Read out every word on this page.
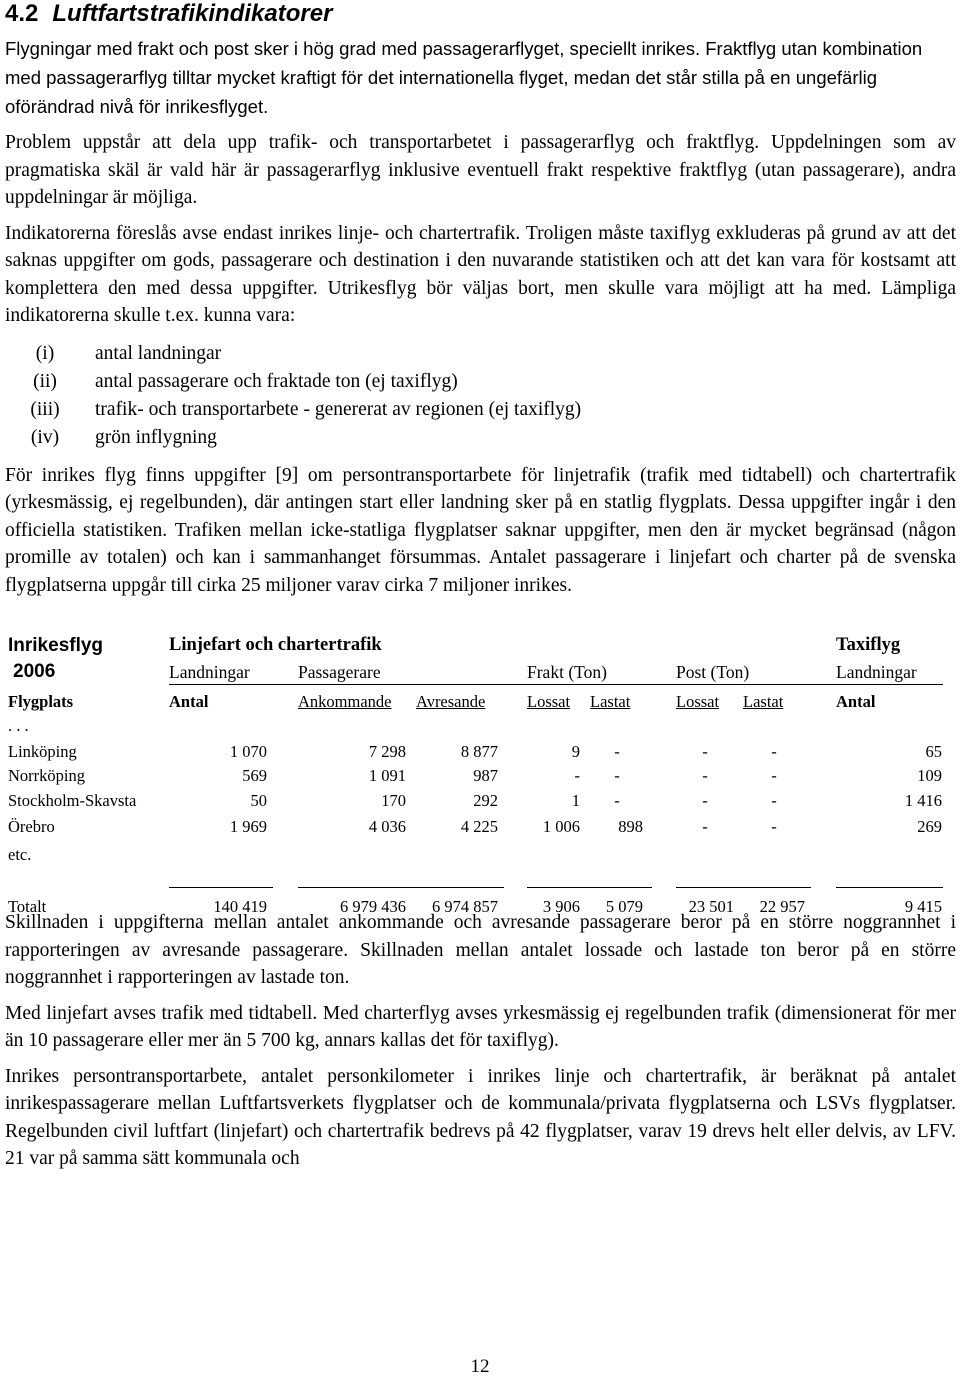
4.2 Luftfartstrafikindikatorer

Flygningar med frakt och post sker i hög grad med passagerarflyget, speciellt inrikes. Fraktflyg utan kombination med passagerarflyg tilltar mycket kraftigt för det internationella flyget, medan det står stilla på en ungefärlig oförändrad nivå för inrikesflyget.

Problem uppstår att dela upp trafik- och transportarbetet i passagerarflyg och fraktflyg. Uppdelningen som av pragmatiska skäl är vald här är passagerarflyg inklusive eventuell frakt respektive fraktflyg (utan passagerare), andra uppdelningar är möjliga.

Indikatorerna föreslås avse endast inrikes linje- och chartertrafik. Troligen måste taxiflyg exkluderas på grund av att det saknas uppgifter om gods, passagerare och destination i den nuvarande statistiken och att det kan vara för kostsamt att komplettera den med dessa uppgifter. Utrikesflyg bör väljas bort, men skulle vara möjligt att ha med. Lämpliga indikatorerna skulle t.ex. kunna vara:

(i)	antal landningar
(ii)	antal passagerare och fraktade ton (ej taxiflyg)
(iii)	trafik- och transportarbete - genererat av regionen (ej taxiflyg)
(iv)	grön inflygning

För inrikes flyg finns uppgifter [9] om persontransportarbete för linjetrafik (trafik med tidtabell) och chartertrafik (yrkesmässig, ej regelbunden), där antingen start eller landning sker på en statlig flygplats. Dessa uppgifter ingår i den officiella statistiken. Trafiken mellan icke-statliga flygplatser saknar uppgifter, men den är mycket begränsad (någon promille av totalen) och kan i sammanhanget försummas. Antalet passagerare i linjefart och charter på de svenska flygplatserna uppgår till cirka 25 miljoner varav cirka 7 miljoner inrikes.

Inrikesflyg	Linjefart och chartertrafik	Taxiflyg
2006	Landningar	Passagerare	Frakt (Ton)	Post (Ton)	Landningar
Flygplats	Antal	Ankommande Avresande	Lossat Lastat	Lossat Lastat	Antal
. . .
Linköping	1 070	7 298	8 877	9	-	-	-	65
Norrköping	569	1 091	987	-	-	-	-	109
Stockholm-Skavsta	50	170	292	1	-	-	-	1 416
Örebro	1 969	4 036	4 225	1 006	898	-	-	269
etc.
Totalt	140 419	6 979 436	6 974 857	3 906	5 079	23 501	22 957	9 415

Skillnaden i uppgifterna mellan antalet ankommande och avresande passagerare beror på en större noggrannhet i rapporteringen av avresande passagerare. Skillnaden mellan antalet lossade och lastade ton beror på en större noggrannhet i rapporteringen av lastade ton.

Med linjefart avses trafik med tidtabell. Med charterflyg avses yrkesmässig ej regelbunden trafik (dimensionerat för mer än 10 passagerare eller mer än 5 700 kg, annars kallas det för taxiflyg).

Inrikes persontransportarbete, antalet personkilometer i inrikes linje och chartertrafik, är beräknat på antalet inrikespassagerare mellan Luftfartsverkets flygplatser och de kommunala/privata flygplatserna och LSVs flygplatser. Regelbunden civil luftfart (linjefart) och chartertrafik bedrevs på 42 flygplatser, varav 19 drevs helt eller delvis, av LFV. 21 var på samma sätt kommunala och

12
